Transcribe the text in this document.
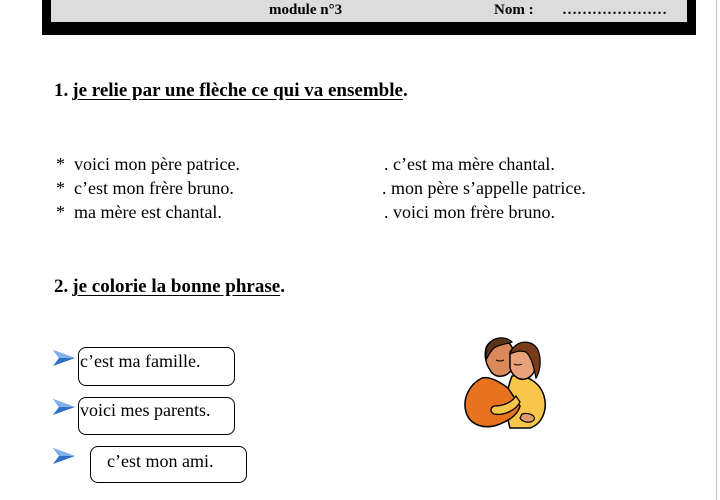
module n°3	Nom : …………………
1. je relie par une flèche ce qui va ensemble.
* voici mon père patrice.
* c’est mon frère bruno.
* ma mère est chantal.
. c’est ma mère chantal.
. mon père s’appelle patrice.
. voici mon frère bruno.
2. je colorie la bonne phrase.
c’est ma famille.
voici mes parents.
c’est mon ami.
